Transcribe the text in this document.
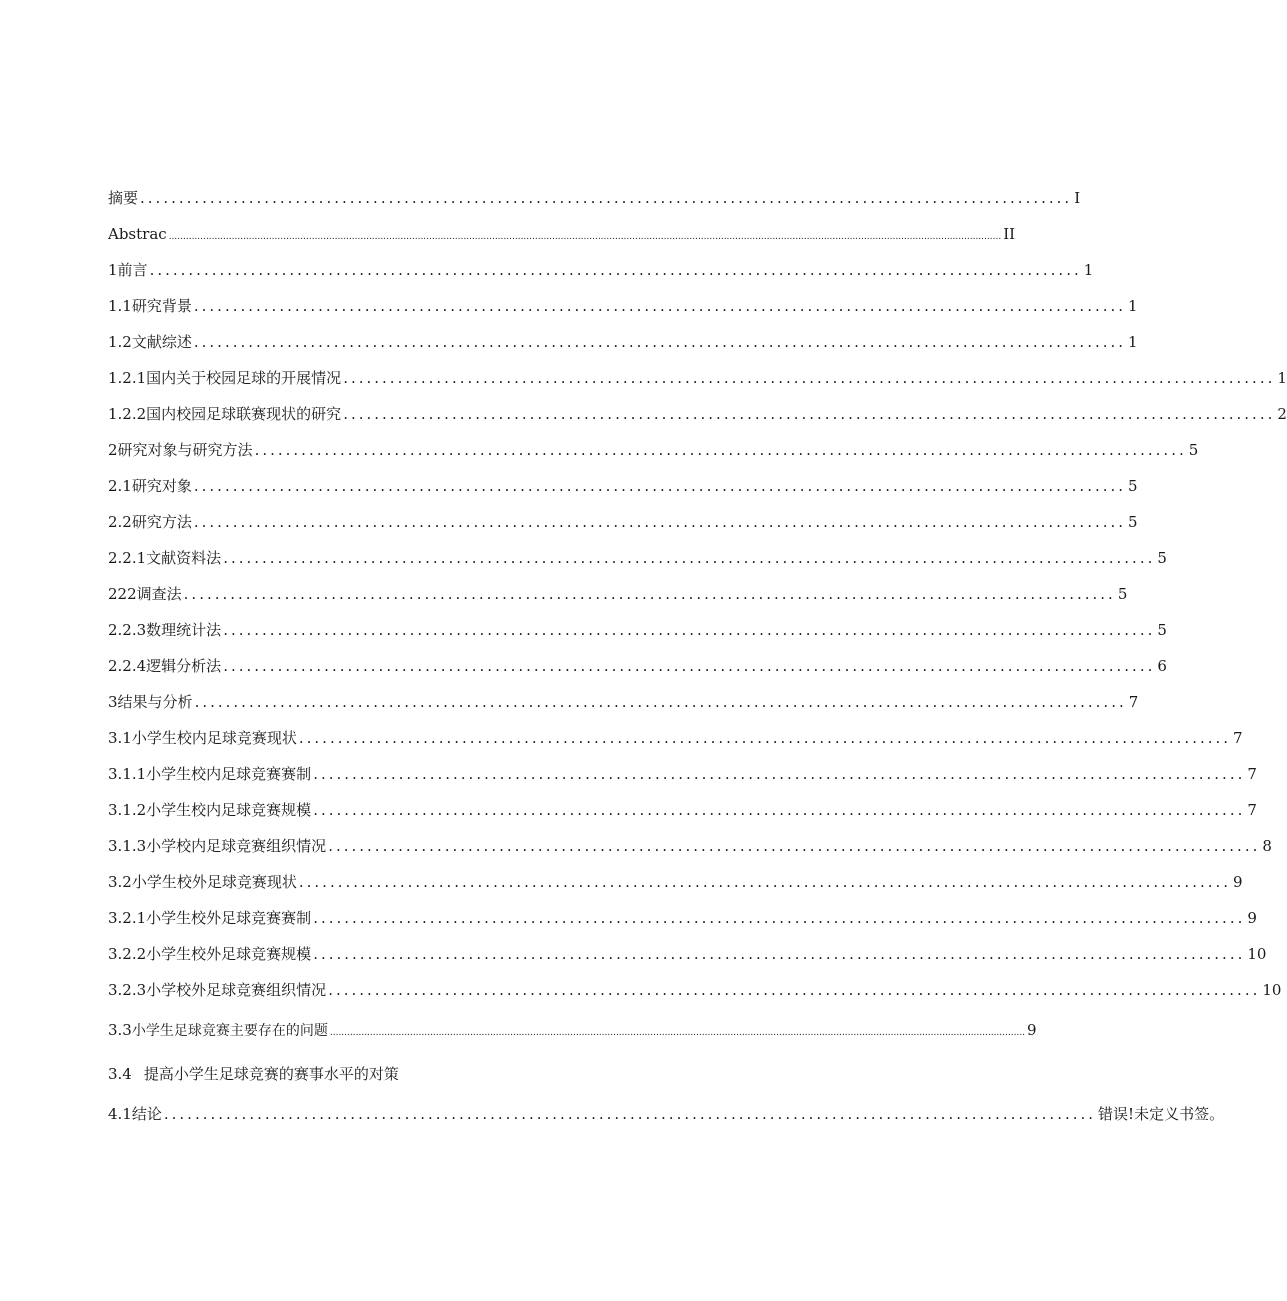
摘要 ........................................................................................................................ I
Abstrac ................................................................................................................................................................................................................................................................................................... II
1 前言 ........................................................................................................................ 1
1.1 研究背景 ........................................................................................................................ 1
1.2 文献综述 ........................................................................................................................ 1
1.2.1 国内关于校园足球的开展情况 ........................................................................................................................ 1
1.2.2 国内校园足球联赛现状的研究 ........................................................................................................................ 2
2 研究对象与研究方法 ........................................................................................................................ 5
2.1 研究对象 ........................................................................................................................ 5
2.2 研究方法 ........................................................................................................................ 5
2.2.1 文献资料法 ........................................................................................................................ 5
222 调查法 ........................................................................................................................ 5
2.2.3 数理统计法 ........................................................................................................................ 5
2.2.4 逻辑分析法 ........................................................................................................................ 6
3 结果与分析 ........................................................................................................................ 7
3.1 小学生校内足球竞赛现状 ........................................................................................................................ 7
3.1.1 小学生校内足球竞赛赛制 ........................................................................................................................ 7
3.1.2 小学生校内足球竞赛规模 ........................................................................................................................ 7
3.1.3 小学校内足球竞赛组织情况 ........................................................................................................................ 8
3.2 小学生校外足球竞赛现状 ........................................................................................................................ 9
3.2.1 小学生校外足球竞赛赛制 ........................................................................................................................ 9
3.2.2 小学生校外足球竞赛规模 ........................................................................................................................ 10
3.2.3 小学校外足球竞赛组织情况 ........................................................................................................................ 10
3.3 小学生足球竞赛主要存在的问题 ................................................................................................................................................................................................................................................... 9
3.4 提高小学生足球竞赛的赛事水平的对策
4.1 结论 ........................................................................................................................ 错误!未定义书签。
